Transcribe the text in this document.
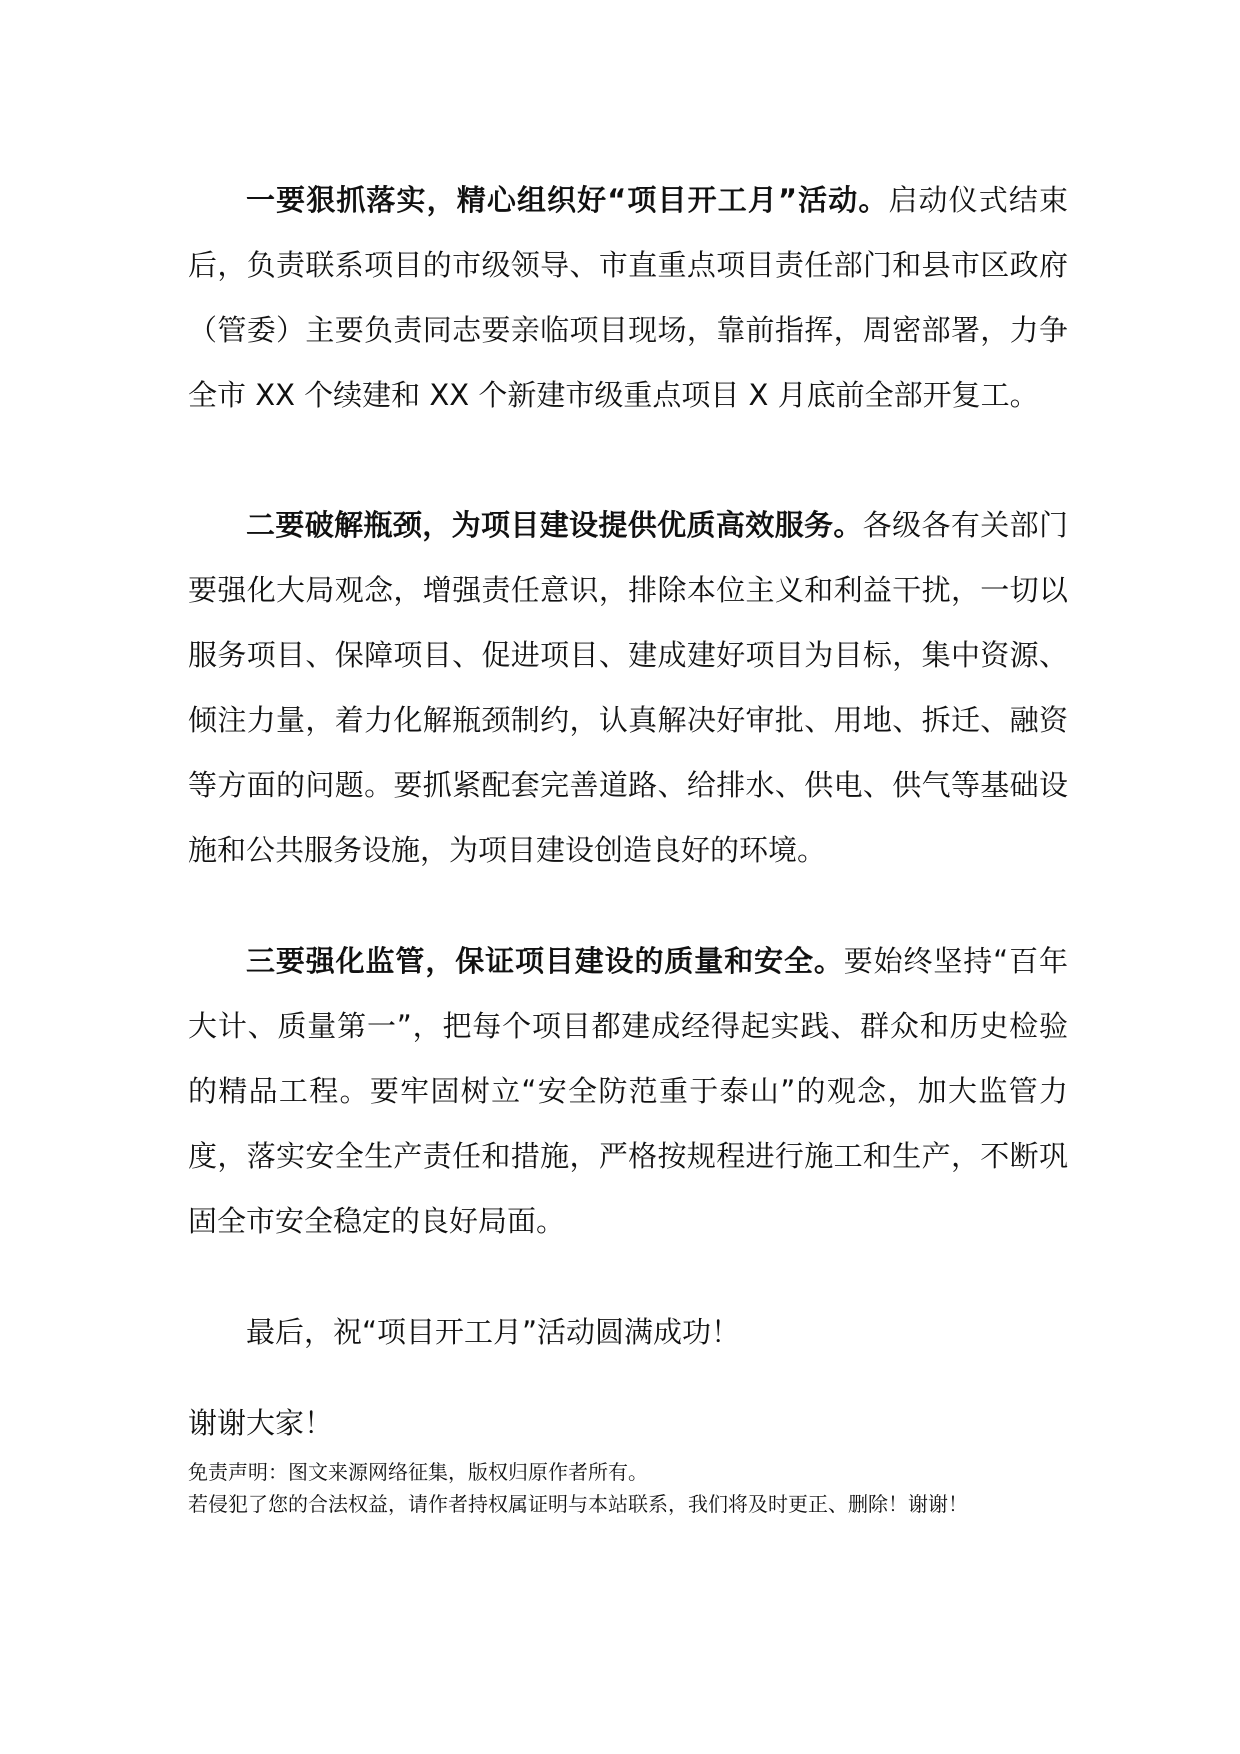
一要狠抓落实，精心组织好“项目开工月”活动。启动仪式结束后，负责联系项目的市级领导、市直重点项目责任部门和县市区政府（管委）主要负责同志要亲临项目现场，靠前指挥，周密部署，力争全市 XX 个续建和 XX 个新建市级重点项目 X 月底前全部开复工。

二要破解瓶颈，为项目建设提供优质高效服务。各级各有关部门要强化大局观念，增强责任意识，排除本位主义和利益干扰，一切以服务项目、保障项目、促进项目、建成建好项目为目标，集中资源、倾注力量，着力化解瓶颈制约，认真解决好审批、用地、拆迁、融资等方面的问题。要抓紧配套完善道路、给排水、供电、供气等基础设施和公共服务设施，为项目建设创造良好的环境。

三要强化监管，保证项目建设的质量和安全。要始终坚持“百年大计、质量第一”，把每个项目都建成经得起实践、群众和历史检验的精品工程。要牢固树立“安全防范重于泰山”的观念，加大监管力度，落实安全生产责任和措施，严格按规程进行施工和生产，不断巩固全市安全稳定的良好局面。

最后，祝“项目开工月”活动圆满成功！

谢谢大家！

免责声明：图文来源网络征集，版权归原作者所有。

若侵犯了您的合法权益，请作者持权属证明与本站联系，我们将及时更正、删除！谢谢！
